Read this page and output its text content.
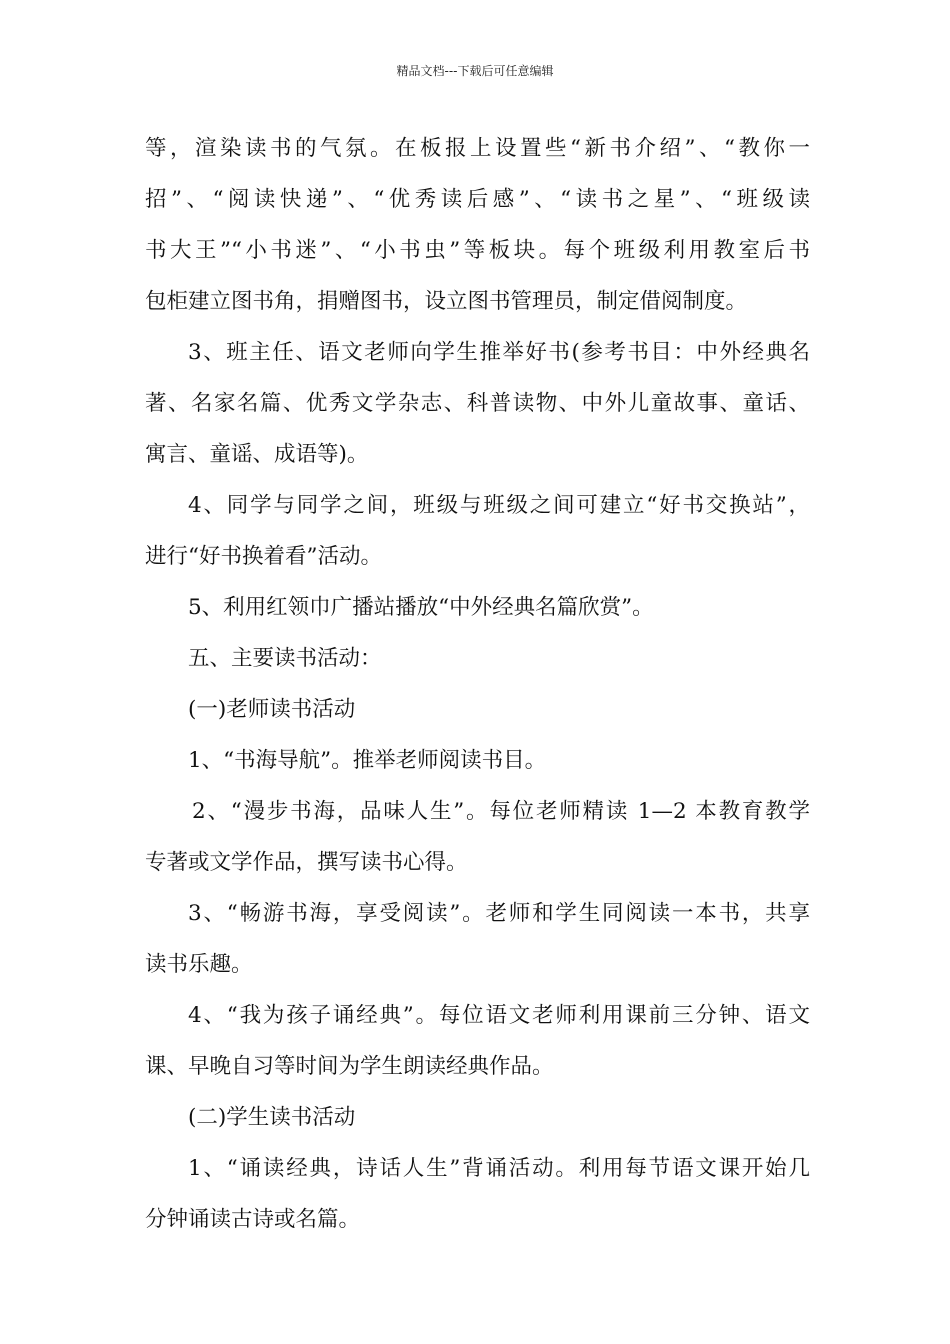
精品文档---下载后可任意编辑
等，渲染读书的气氛。在板报上设置些“新书介绍”、“教你一
招”、“阅读快递”、“优秀读后感”、“读书之星”、“班级读
书大王”“小书迷”、“小书虫”等板块。每个班级利用教室后书
包柜建立图书角，捐赠图书，设立图书管理员，制定借阅制度。
3、班主任、语文老师向学生推举好书(参考书目：中外经典名
著、名家名篇、优秀文学杂志、科普读物、中外儿童故事、童话、
寓言、童谣、成语等)。
4、同学与同学之间，班级与班级之间可建立“好书交换站”，
进行“好书换着看”活动。
5、利用红领巾广播站播放“中外经典名篇欣赏”。
五、主要读书活动：
(一)老师读书活动
1、“书海导航”。推举老师阅读书目。
2、“漫步书海，品味人生”。每位老师精读 1—2 本教育教学
专著或文学作品，撰写读书心得。
3、“畅游书海，享受阅读”。老师和学生同阅读一本书，共享
读书乐趣。
4、“我为孩子诵经典”。每位语文老师利用课前三分钟、语文
课、早晚自习等时间为学生朗读经典作品。
(二)学生读书活动
1、“诵读经典，诗话人生”背诵活动。利用每节语文课开始几
分钟诵读古诗或名篇。
